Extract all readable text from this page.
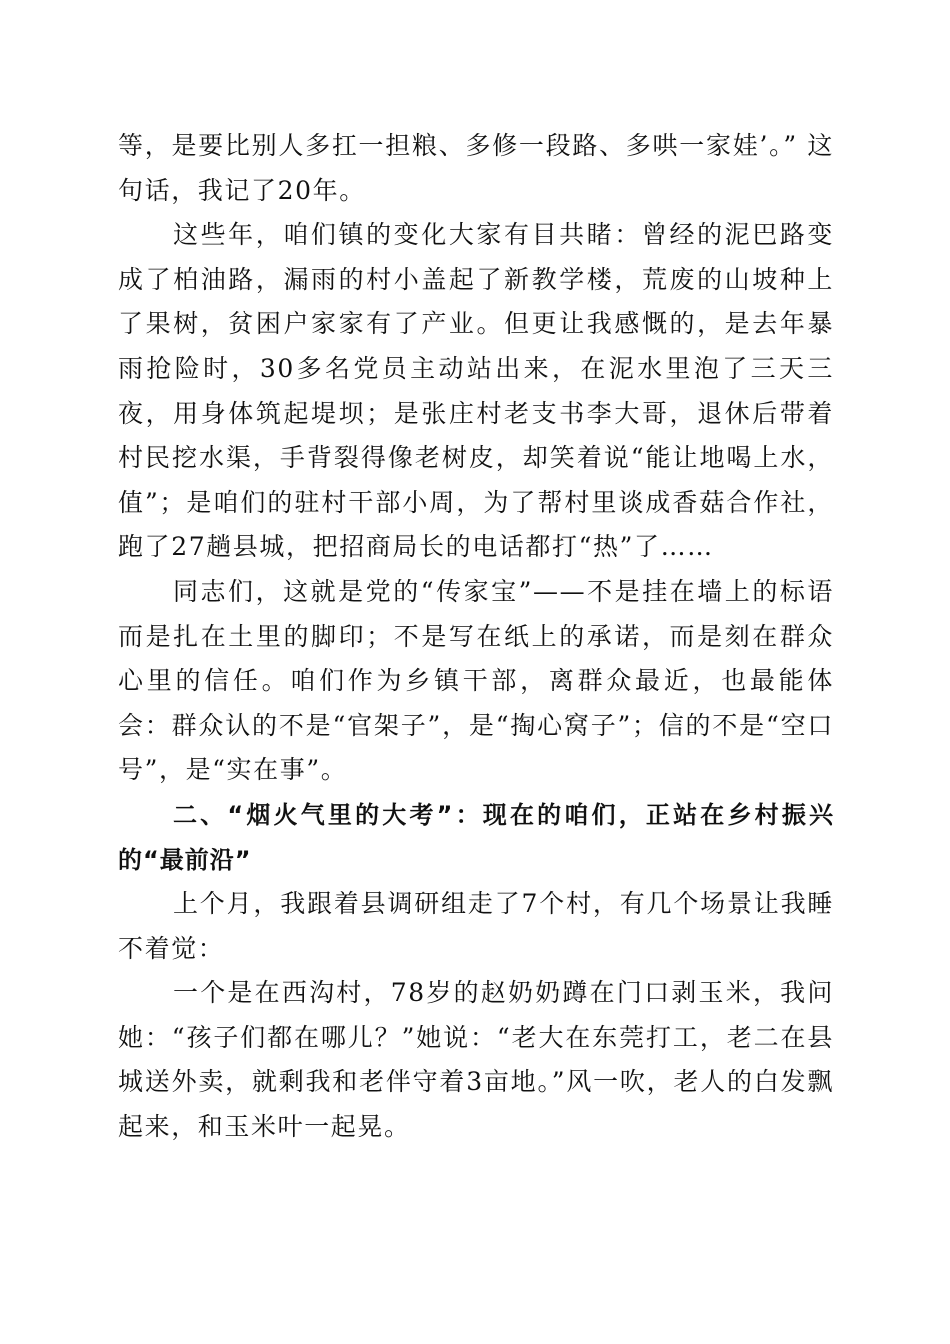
等，是要比别人多扛一担粮、多修一段路、多哄一家娃’。” 这句话，我记了20年。

这些年，咱们镇的变化大家有目共睹：曾经的泥巴路变成了柏油路，漏雨的村小盖起了新教学楼，荒废的山坡种上了果树，贫困户家家有了产业。但更让我感慨的，是去年暴雨抢险时，30多名党员主动站出来，在泥水里泡了三天三夜，用身体筑起堤坝；是张庄村老支书李大哥，退休后带着村民挖水渠，手背裂得像老树皮，却笑着说“能让地喝上水，值”；是咱们的驻村干部小周，为了帮村里谈成香菇合作社，跑了27趟县城，把招商局长的电话都打“热”了……

同志们，这就是党的“传家宝”——不是挂在墙上的标语而是扎在土里的脚印；不是写在纸上的承诺，而是刻在群众心里的信任。咱们作为乡镇干部，离群众最近，也最能体会：群众认的不是“官架子”，是“掏心窝子”；信的不是“空口号”，是“实在事”。

二、“烟火气里的大考”：现在的咱们，正站在乡村振兴的“最前沿”

上个月，我跟着县调研组走了7个村，有几个场景让我睡不着觉：

一个是在西沟村，78岁的赵奶奶蹲在门口剥玉米，我问她：“孩子们都在哪儿？”她说：“老大在东莞打工，老二在县城送外卖，就剩我和老伴守着3亩地。”风一吹，老人的白发飘起来，和玉米叶一起晃。
